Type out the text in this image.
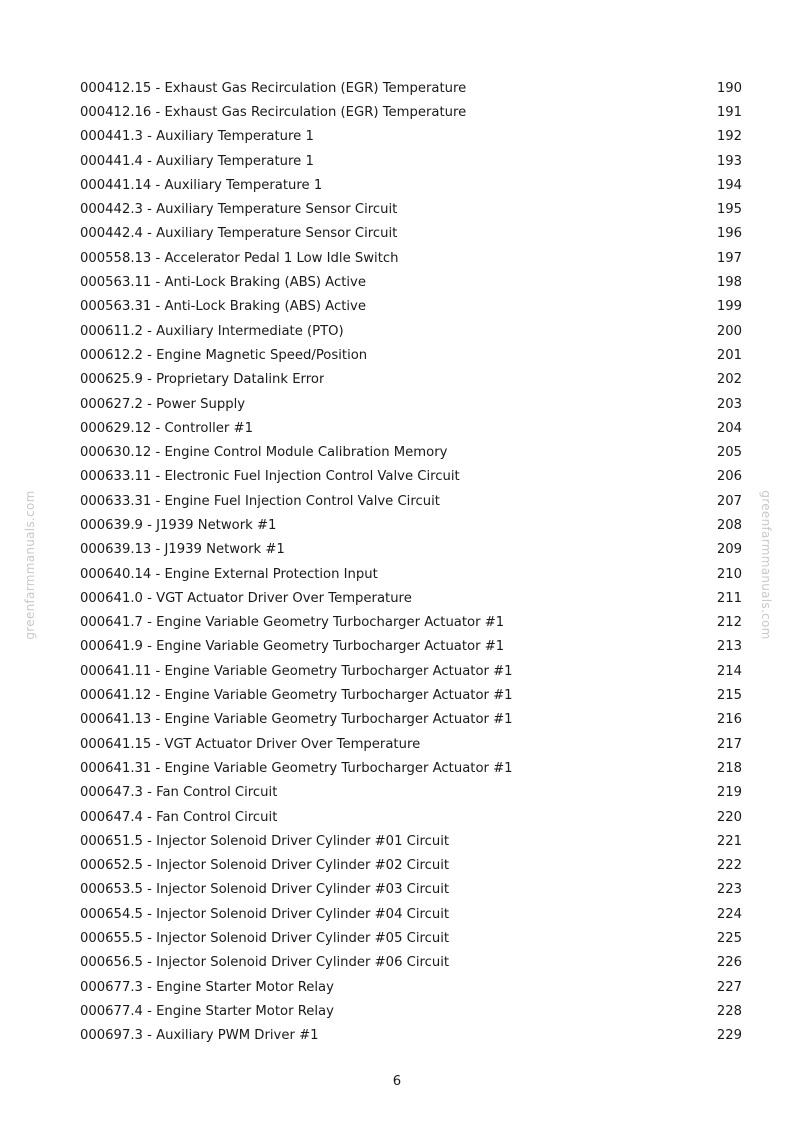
greenfarmmanuals.com	greenfarmmanuals.com
000412.15 - Exhaust Gas Recirculation (EGR) Temperature	190
000412.16 - Exhaust Gas Recirculation (EGR) Temperature	191
000441.3 - Auxiliary Temperature 1	192
000441.4 - Auxiliary Temperature 1	193
000441.14 - Auxiliary Temperature 1	194
000442.3 - Auxiliary Temperature Sensor Circuit	195
000442.4 - Auxiliary Temperature Sensor Circuit	196
000558.13 - Accelerator Pedal 1 Low Idle Switch	197
000563.11 - Anti-Lock Braking (ABS) Active	198
000563.31 - Anti-Lock Braking (ABS) Active	199
000611.2 - Auxiliary Intermediate (PTO)	200
000612.2 - Engine Magnetic Speed/Position	201
000625.9 - Proprietary Datalink Error	202
000627.2 - Power Supply	203
000629.12 - Controller #1	204
000630.12 - Engine Control Module Calibration Memory	205
000633.11 - Electronic Fuel Injection Control Valve Circuit	206
000633.31 - Engine Fuel Injection Control Valve Circuit	207
000639.9 - J1939 Network #1	208
000639.13 - J1939 Network #1	209
000640.14 - Engine External Protection Input	210
000641.0 - VGT Actuator Driver Over Temperature	211
000641.7 - Engine Variable Geometry Turbocharger Actuator #1	212
000641.9 - Engine Variable Geometry Turbocharger Actuator #1	213
000641.11 - Engine Variable Geometry Turbocharger Actuator #1	214
000641.12 - Engine Variable Geometry Turbocharger Actuator #1	215
000641.13 - Engine Variable Geometry Turbocharger Actuator #1	216
000641.15 - VGT Actuator Driver Over Temperature	217
000641.31 - Engine Variable Geometry Turbocharger Actuator #1	218
000647.3 - Fan Control Circuit	219
000647.4 - Fan Control Circuit	220
000651.5 - Injector Solenoid Driver Cylinder #01 Circuit	221
000652.5 - Injector Solenoid Driver Cylinder #02 Circuit	222
000653.5 - Injector Solenoid Driver Cylinder #03 Circuit	223
000654.5 - Injector Solenoid Driver Cylinder #04 Circuit	224
000655.5 - Injector Solenoid Driver Cylinder #05 Circuit	225
000656.5 - Injector Solenoid Driver Cylinder #06 Circuit	226
000677.3 - Engine Starter Motor Relay	227
000677.4 - Engine Starter Motor Relay	228
000697.3 - Auxiliary PWM Driver #1	229
6
